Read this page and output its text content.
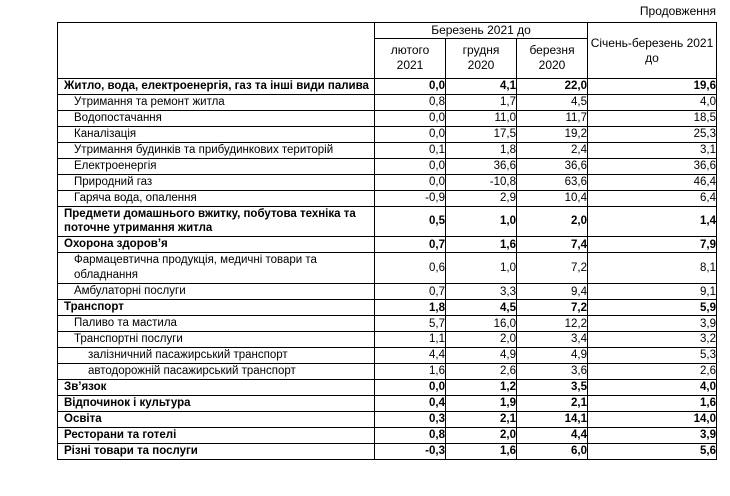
Продовження
	Березень 2021 до			Січень-березень 2021 до
	лютого 2021	грудня 2020	березня 2020	
Житло, вода, електроенергія, газ та інші види палива	0,0	4,1	22,0	19,6
Утримання та ремонт житла	0,8	1,7	4,5	4,0
Водопостачання	0,0	11,0	11,7	18,5
Каналізація	0,0	17,5	19,2	25,3
Утримання будинків та прибудинкових територій	0,1	1,8	2,4	3,1
Електроенергія	0,0	36,6	36,6	36,6
Природний газ	0,0	-10,8	63,6	46,4
Гаряча вода, опалення	-0,9	2,9	10,4	6,4
Предмети домашнього вжитку, побутова техніка та поточне утримання житла	0,5	1,0	2,0	1,4
Охорона здоров’я	0,7	1,6	7,4	7,9
Фармацевтична продукція, медичні товари та обладнання	0,6	1,0	7,2	8,1
Амбулаторні послуги	0,7	3,3	9,4	9,1
Транспорт	1,8	4,5	7,2	5,9
Паливо та мастила	5,7	16,0	12,2	3,9
Транспортні послуги	1,1	2,0	3,4	3,2
залізничний пасажирський транспорт	4,4	4,9	4,9	5,3
автодорожній пасажирський транспорт	1,6	2,6	3,6	2,6
Зв’язок	0,0	1,2	3,5	4,0
Відпочинок і культура	0,4	1,9	2,1	1,6
Освіта	0,3	2,1	14,1	14,0
Ресторани та готелі	0,8	2,0	4,4	3,9
Різні товари та послуги	-0,3	1,6	6,0	5,6
